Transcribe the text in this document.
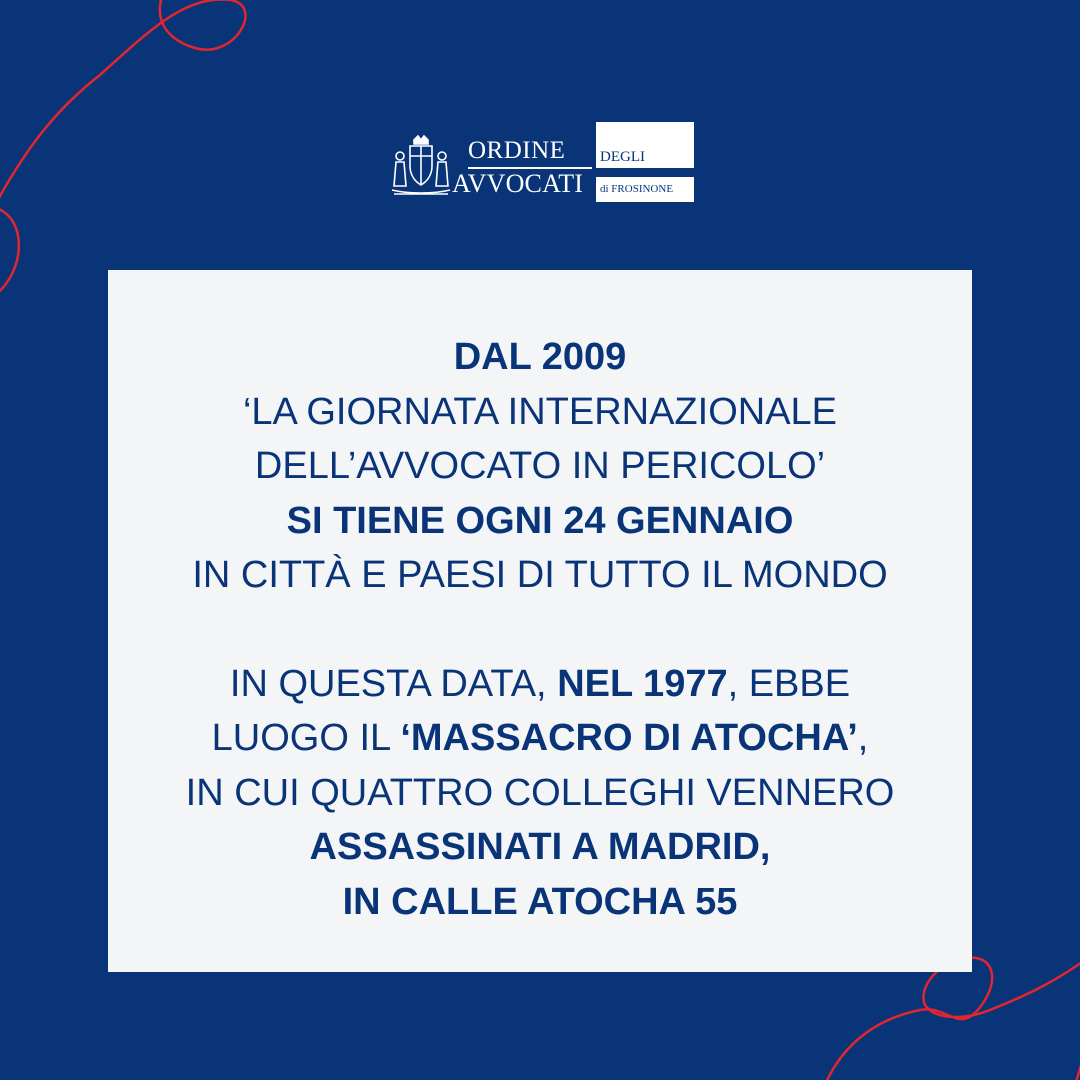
ORDINE
AVVOCATI
DEGLI
di FROSINONE
DAL 2009
‘LA GIORNATA INTERNAZIONALE
DELL’AVVOCATO IN PERICOLO’
SI TIENE OGNI 24 GENNAIO
IN CITTÀ E PAESI DI TUTTO IL MONDO
IN QUESTA DATA, NEL 1977, EBBE
LUOGO IL ‘MASSACRO DI ATOCHA’,
IN CUI QUATTRO COLLEGHI VENNERO
ASSASSINATI A MADRID,
IN CALLE ATOCHA 55
